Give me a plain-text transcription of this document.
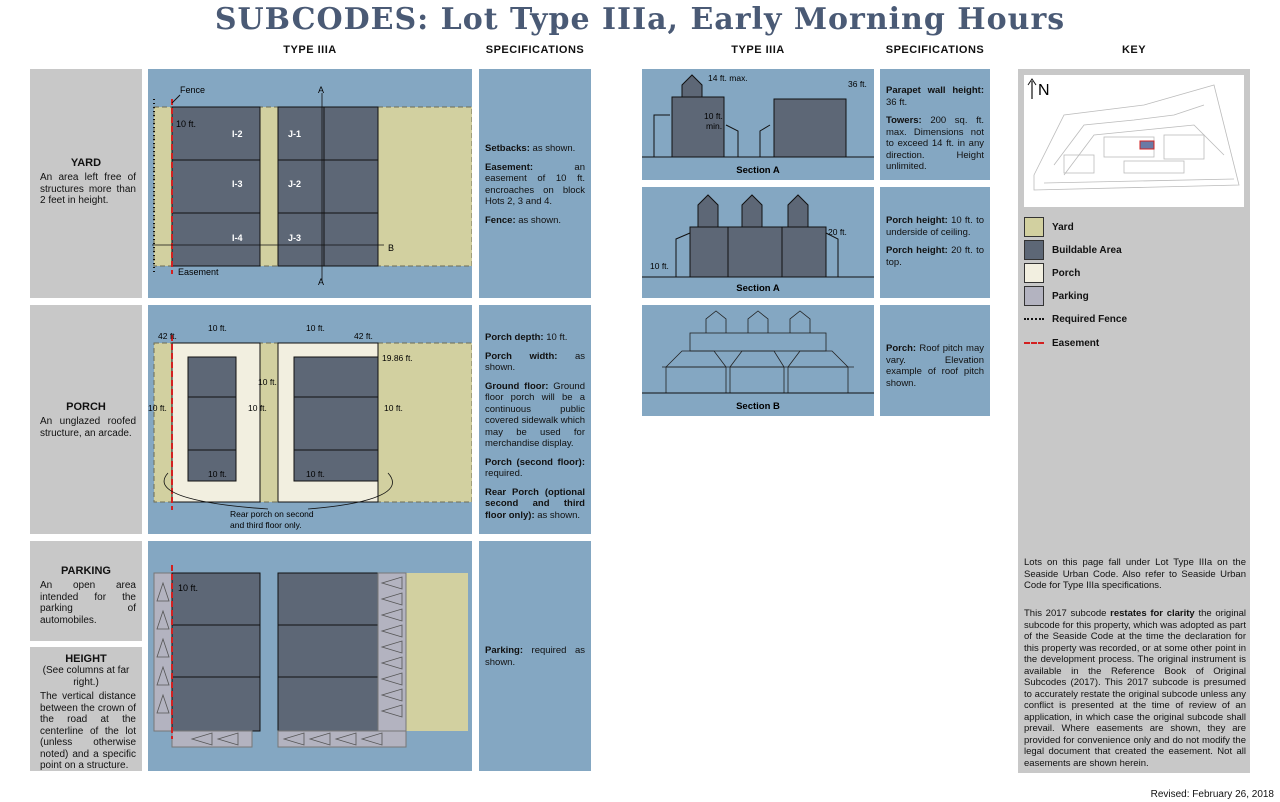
SUBCODES: Lot Type IIIa, Early Morning Hours
TYPE IIIA	SPECIFICATIONS	TYPE IIIA	SPECIFICATIONS	KEY
YARD
An area left free of structures more than 2 feet in height.
Fence
10 ft.
Easement
A
A
B
I-2
I-3
I-4
J-1
J-2
J-3

Setbacks: as shown.

Easement: an easement of 10 ft. encroaches on block Hots 2, 3 and 4.

Fence: as shown.

PORCH
An unglazed roofed structure, an arcade.
42 ft.	42 ft.
10 ft.	10 ft.
19.86 ft.
10 ft.
10 ft.
10 ft.	10 ft.
10 ft.	10 ft.
Rear porch on second
and third floor only.

Porch depth: 10 ft.

Porch width: as shown.

Ground floor: Ground floor porch will be a continuous public covered sidewalk which may be used for merchandise display.

Porch (second floor): required.

Rear Porch (optional second and third floor only): as shown.

PARKING
An open area intended for the parking of automobiles.
HEIGHT
(See columns at far right.)
The vertical distance between the crown of the road at the centerline of the lot (unless otherwise noted) and a specific point on a structure.
10 ft.

Parking: required as shown.

14 ft. max.
10 ft.
min.
36 ft.
Section A
20 ft.
10 ft.
Section A
Section B

Parapet wall height: 36 ft.

Towers: 200 sq. ft. max. Dimensions not to exceed 14 ft. in any direction. Height unlimited.

Porch height: 10 ft. to underside of ceiling.

Porch height: 20 ft. to top.

Porch: Roof pitch may vary. Elevation example of roof pitch shown.

N
Yard
Buildable Area
Porch
Parking
Required Fence
Easement
Lots on this page fall under Lot Type IIIa on the Seaside Urban Code. Also refer to Seaside Urban Code for Type IIIa specifications.
This 2017 subcode restates for clarity the original subcode for this property, which was adopted as part of the Seaside Code at the time the declaration for this property was recorded, or at some other point in the development process. The original instrument is available in the Reference Book of Original Subcodes (2017). This 2017 subcode is presumed to accurately restate the original subcode unless any conflict is presented at the time of review of an application, in which case the original subcode shall prevail. Where easements are shown, they are provided for convenience only and do not modify the legal document that created the easement. Not all easements are shown herein.
Revised: February 26, 2018
